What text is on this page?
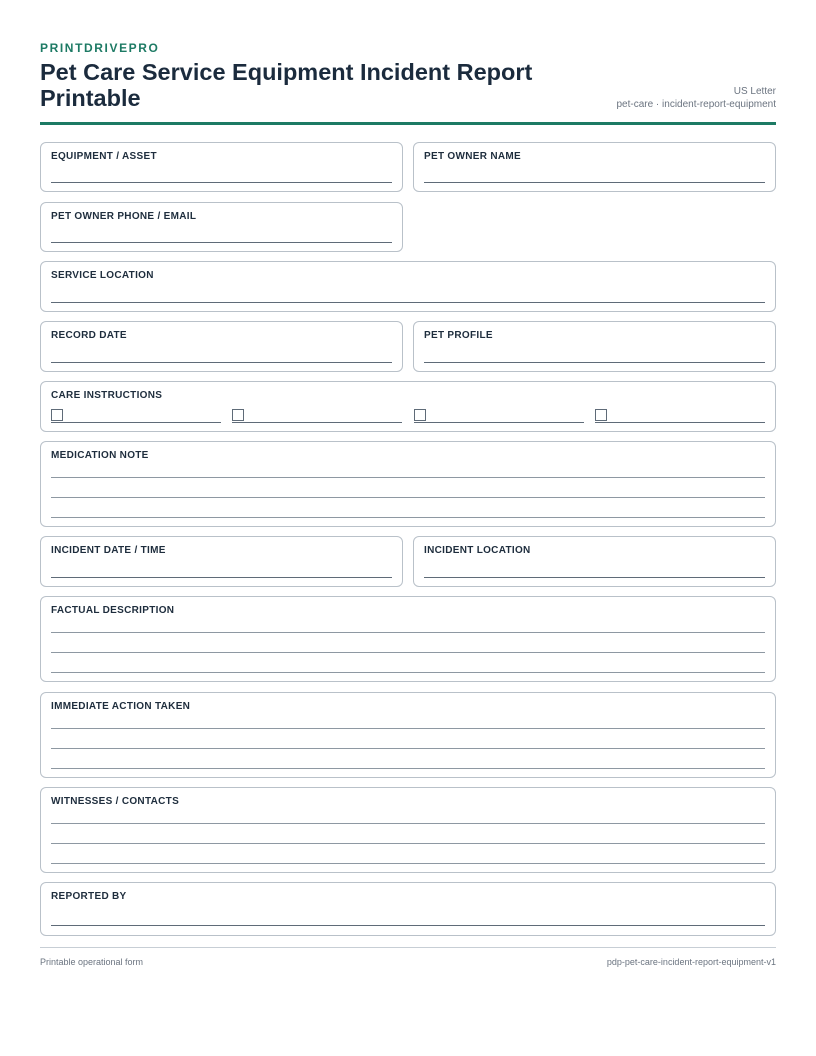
PRINTDRIVEPRO
Pet Care Service Equipment Incident Report Printable	US Letter
pet-care · incident-report-equipment
EQUIPMENT / ASSET	PET OWNER NAME
PET OWNER PHONE / EMAIL
SERVICE LOCATION
RECORD DATE	PET PROFILE
CARE INSTRUCTIONS
MEDICATION NOTE
INCIDENT DATE / TIME	INCIDENT LOCATION
FACTUAL DESCRIPTION
IMMEDIATE ACTION TAKEN
WITNESSES / CONTACTS
REPORTED BY
Printable operational form	pdp-pet-care-incident-report-equipment-v1
